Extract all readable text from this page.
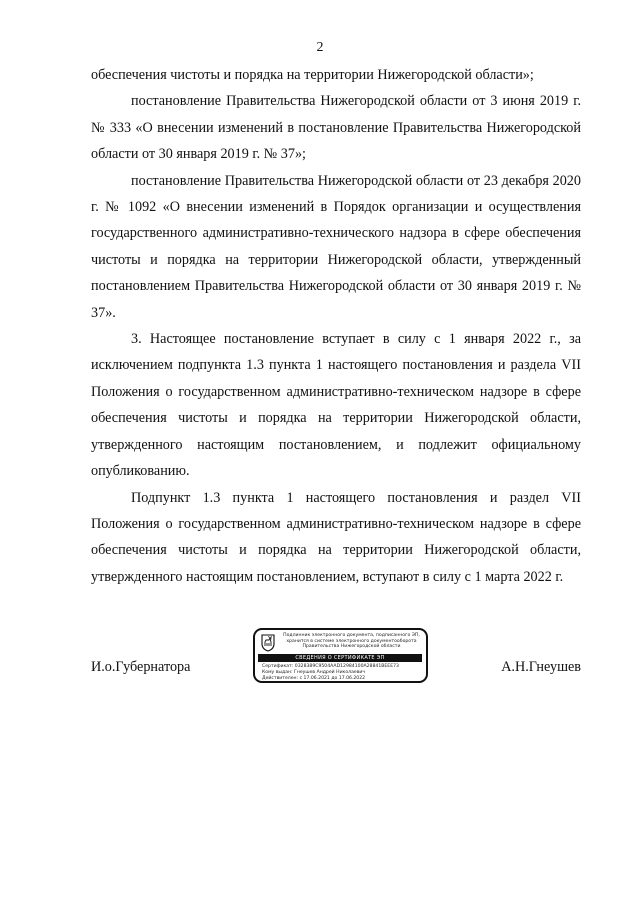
2

обеспечения чистоты и порядка на территории Нижегородской области»;

постановление Правительства Нижегородской области от 3 июня 2019 г. № 333 «О внесении изменений в постановление Правительства Нижегородской области от 30 января 2019 г. № 37»;

постановление Правительства Нижегородской области от 23 декабря 2020 г. № 1092 «О внесении изменений в Порядок организации и осуществления государственного административно-технического надзора в сфере обеспечения чистоты и порядка на территории Нижегородской области, утвержденный постановлением Правительства Нижегородской области от 30 января 2019 г. № 37».

3. Настоящее постановление вступает в силу с 1 января 2022 г., за исключением подпункта 1.3 пункта 1 настоящего постановления и раздела VII Положения о государственном административно-техническом надзоре в сфере обеспечения чистоты и порядка на территории Нижегородской области, утвержденного настоящим постановлением, и подлежит официальному опубликованию.

Подпункт 1.3 пункта 1 настоящего постановления и раздел VII Положения о государственном административно-техническом надзоре в сфере обеспечения чистоты и порядка на территории Нижегородской области, утвержденного настоящим постановлением, вступают в силу с 1 марта 2022 г.

И.о.Губернатора
Подлинник электронного документа, подписанного ЭП,
хранится в системе электронного документооборота
Правительства Нижегородской области
СВЕДЕНИЯ О СЕРТИФИКАТЕ ЭП
Сертификат: 0328389C9504AAD12984100A28841BEEE73
Кому выдан: Гнеушев Андрей Николаевич
Действителен: с 17.06.2021 до 17.06.2022
А.Н.Гнеушев
